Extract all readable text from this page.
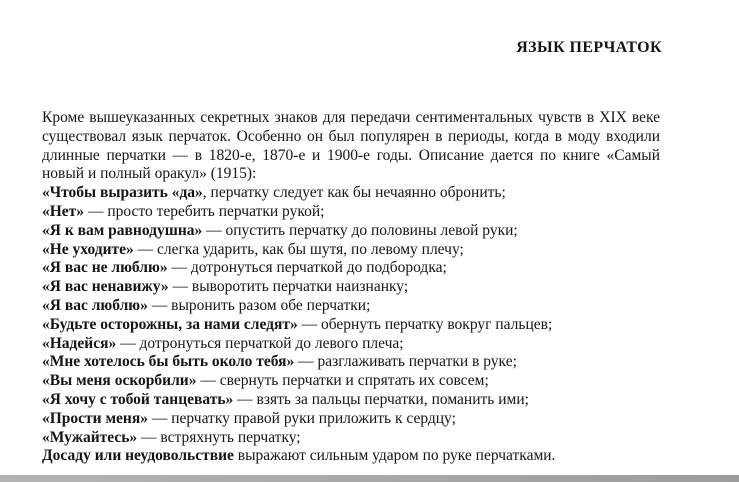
ЯЗЫК ПЕРЧАТОК

Кроме вышеуказанных секретных знаков для передачи сентиментальных чувств в XIX веке существовал язык перчаток. Особенно он был популярен в периоды, когда в моду входили длинные перчатки — в 1820-е, 1870-е и 1900-е годы. Описание дается по книге «Самый новый и полный оракул» (1915):

«Чтобы выразить «да», перчатку следует как бы нечаянно обронить;

«Нет» — просто теребить перчатки рукой;

«Я к вам равнодушна» — опустить перчатку до половины левой руки;

«Не уходите» — слегка ударить, как бы шутя, по левому плечу;

«Я вас не люблю» — дотронуться перчаткой до подбородка;

«Я вас ненавижу» — выворотить перчатки наизнанку;

«Я вас люблю» — выронить разом обе перчатки;

«Будьте осторожны, за нами следят» — обернуть перчатку вокруг пальцев;

«Надейся» — дотронуться перчаткой до левого плеча;

«Мне хотелось бы быть около тебя» — разглаживать перчатки в руке;

«Вы меня оскорбили» — свернуть перчатки и спрятать их совсем;

«Я хочу с тобой танцевать» — взять за пальцы перчатки, поманить ими;

«Прости меня» — перчатку правой руки приложить к сердцу;

«Мужайтесь» — встряхнуть перчатку;

Досаду или неудовольствие выражают сильным ударом по руке перчатками.
